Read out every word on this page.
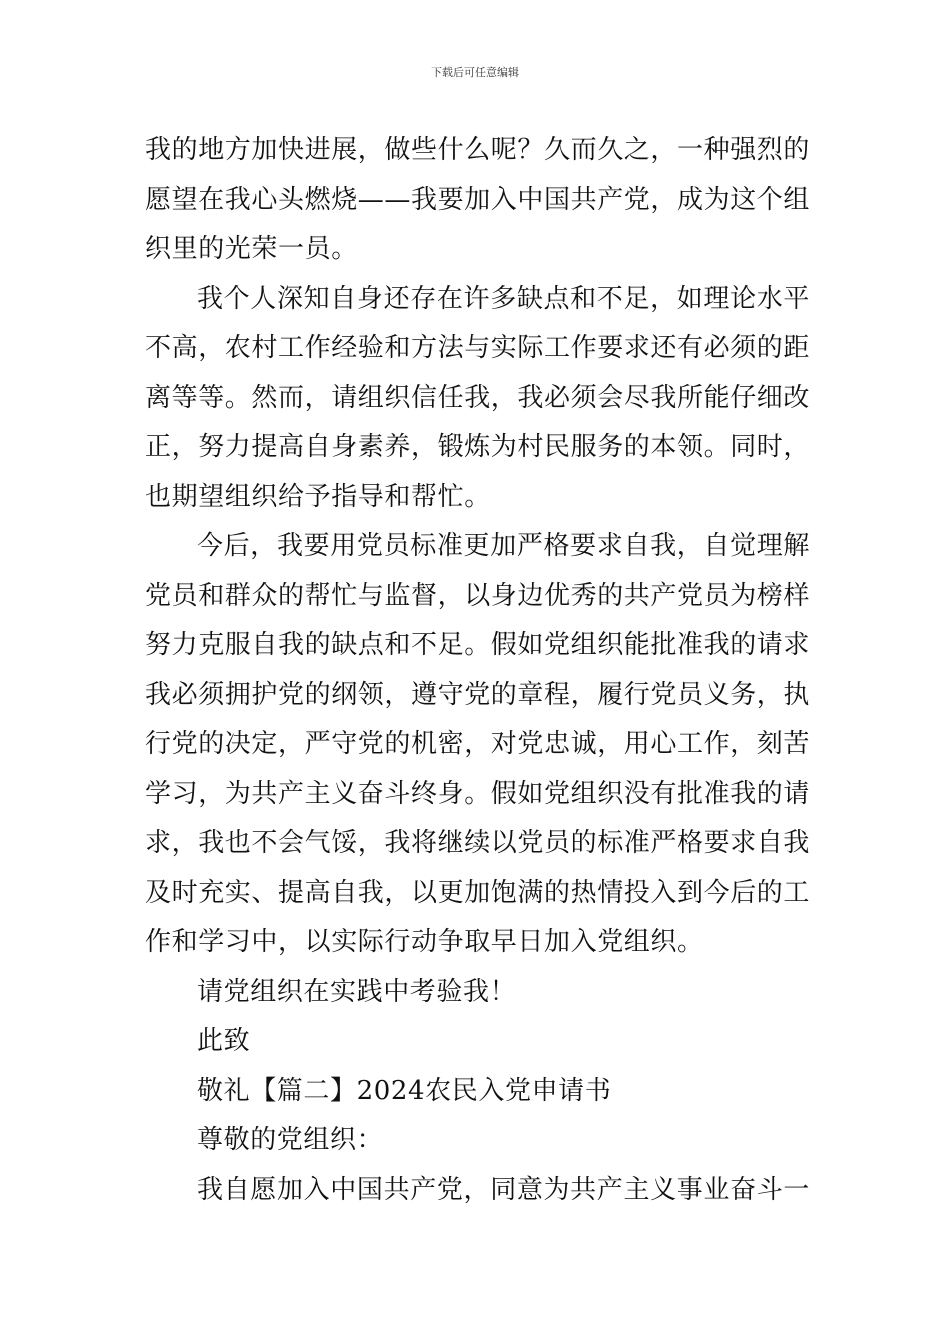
下载后可任意编辑
我的地方加快进展，做些什么呢？久而久之，一种强烈的
愿望在我心头燃烧——我要加入中国共产党，成为这个组
织里的光荣一员。
我个人深知自身还存在许多缺点和不足，如理论水平
不高，农村工作经验和方法与实际工作要求还有必须的距
离等等。然而，请组织信任我，我必须会尽我所能仔细改
正，努力提高自身素养，锻炼为村民服务的本领。同时，
也期望组织给予指导和帮忙。
今后，我要用党员标准更加严格要求自我，自觉理解
党员和群众的帮忙与监督，以身边优秀的共产党员为榜样
努力克服自我的缺点和不足。假如党组织能批准我的请求
我必须拥护党的纲领，遵守党的章程，履行党员义务，执
行党的决定，严守党的机密，对党忠诚，用心工作，刻苦
学习，为共产主义奋斗终身。假如党组织没有批准我的请
求，我也不会气馁，我将继续以党员的标准严格要求自我
及时充实、提高自我，以更加饱满的热情投入到今后的工
作和学习中，以实际行动争取早日加入党组织。
请党组织在实践中考验我！
此致
敬礼【篇二】2024农民入党申请书
尊敬的党组织：
我自愿加入中国共产党，同意为共产主义事业奋斗一
